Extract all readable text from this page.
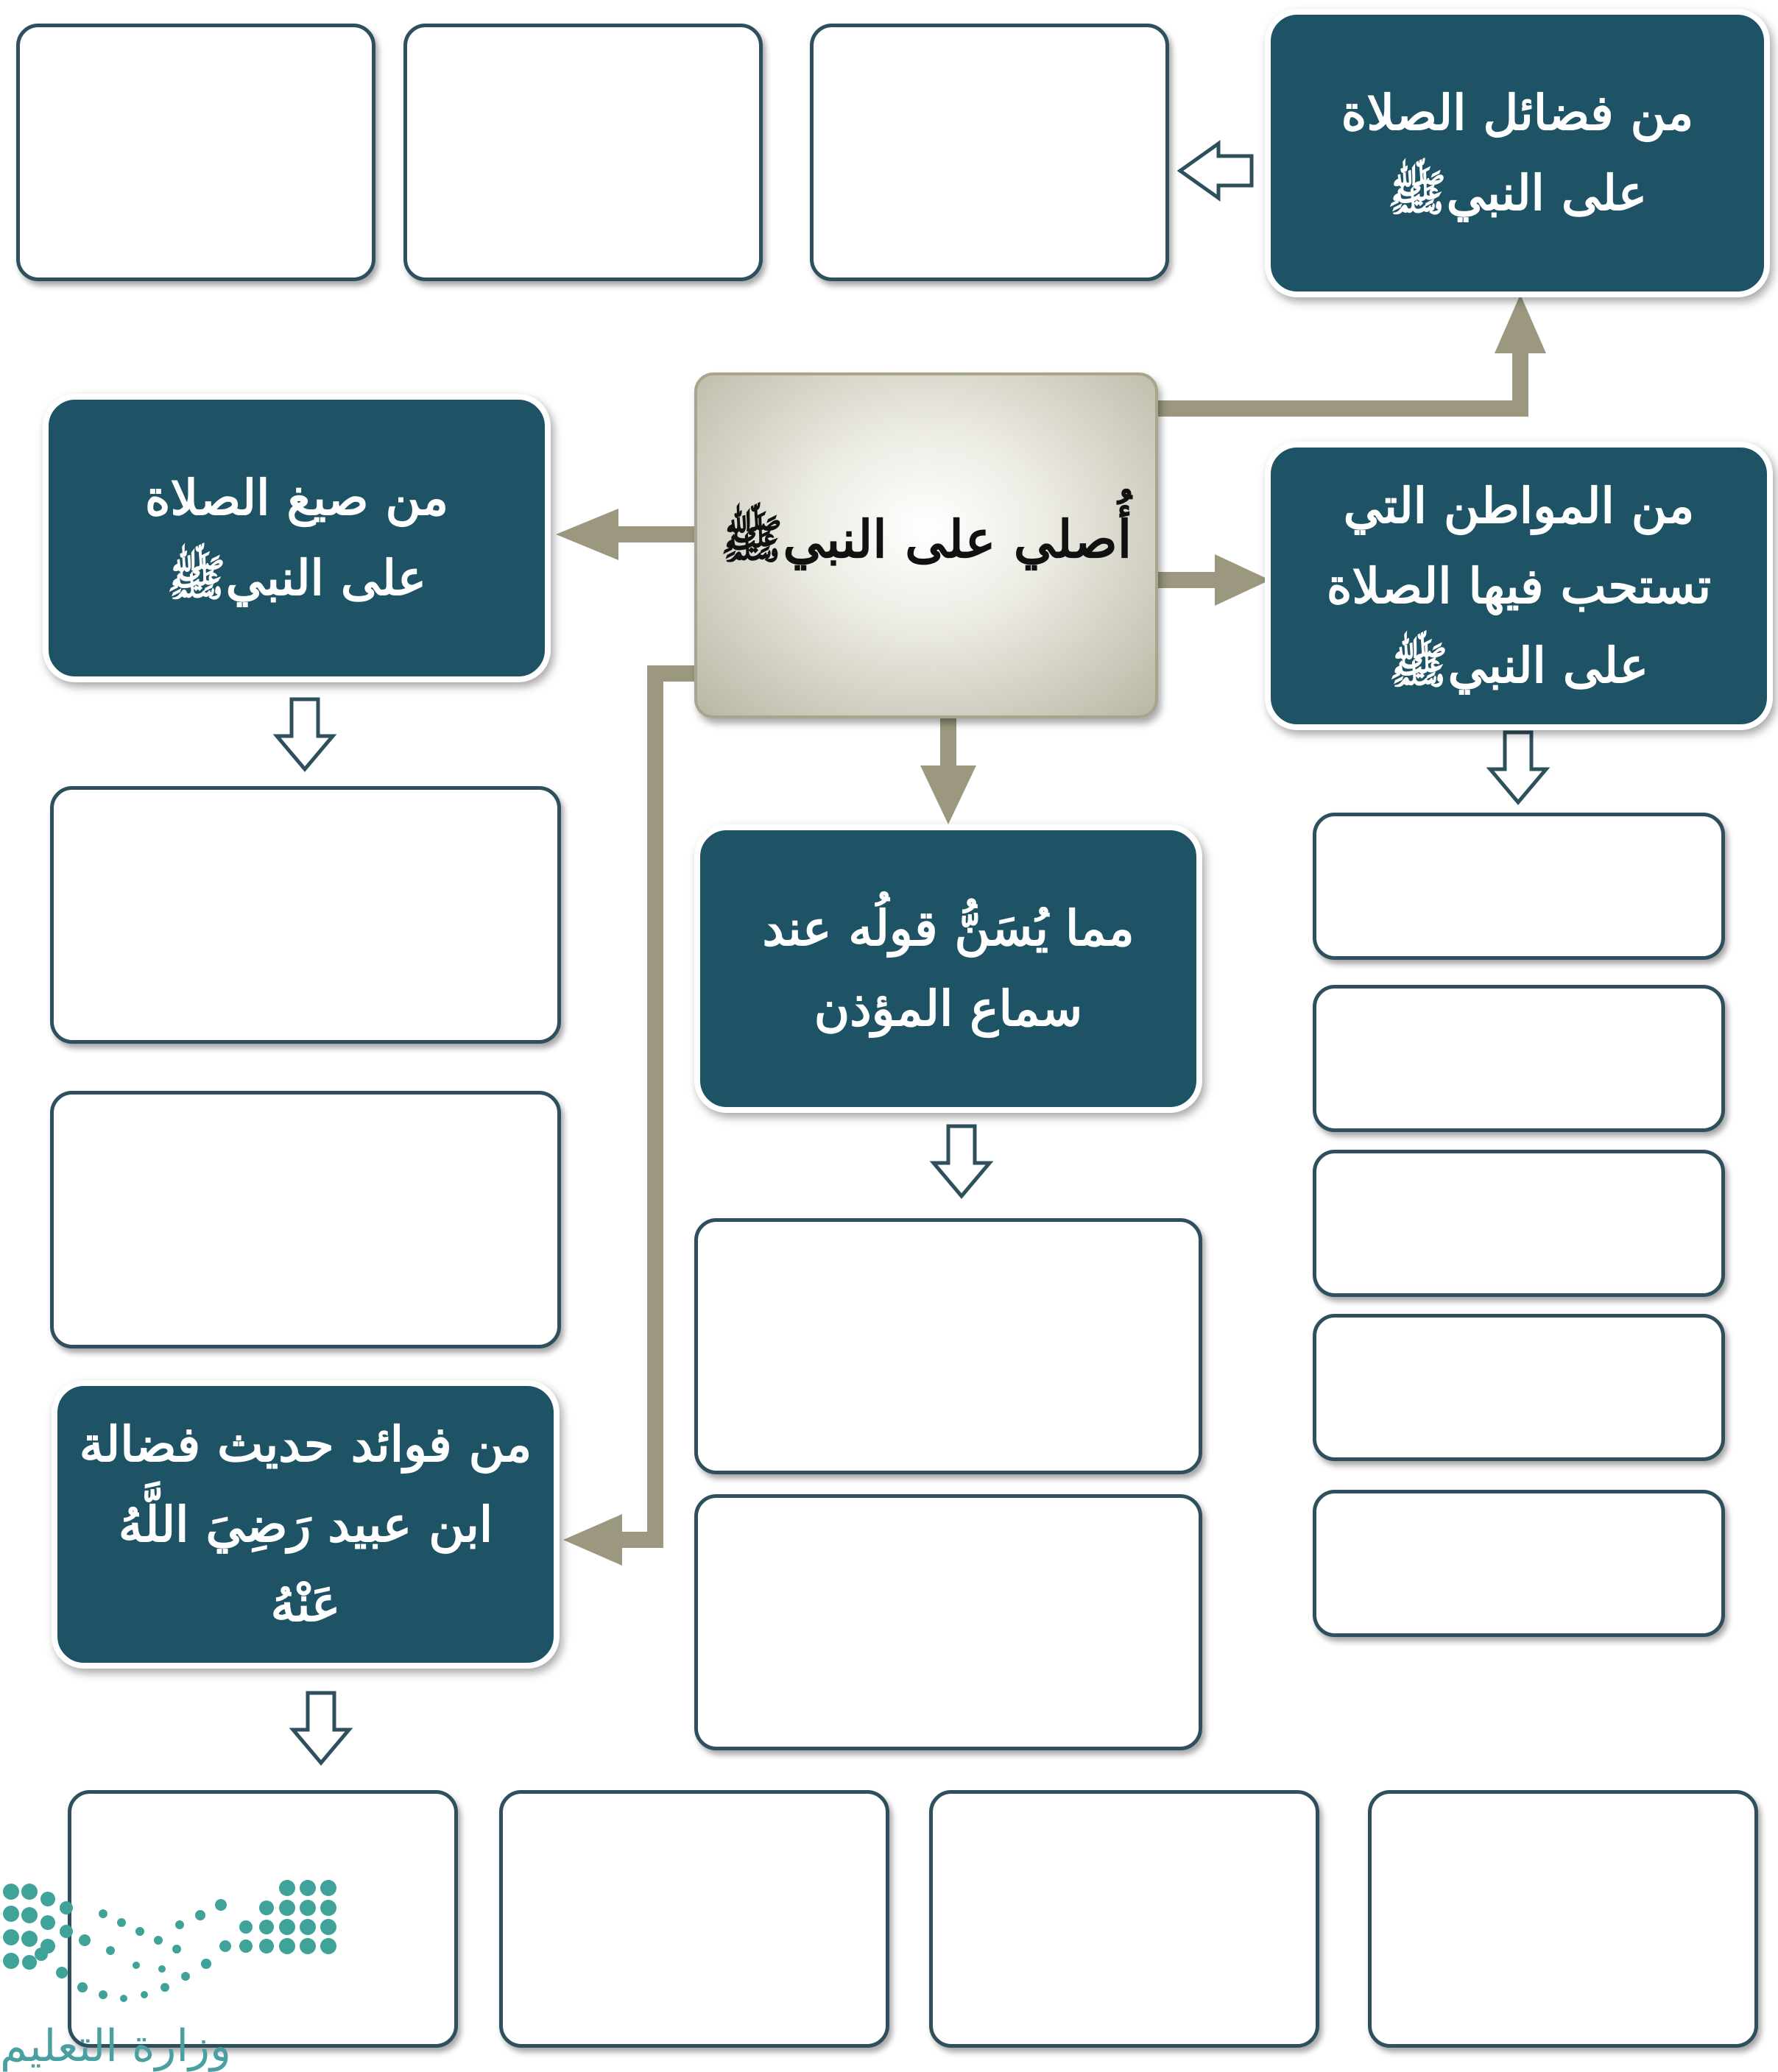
من فضائل الصلاة
على النبيﷺ
من صيغ الصلاة
على النبيﷺ
من المواطن التي
تستحب فيها الصلاة
على النبيﷺ
مما يُسَنُّ قولُه عند
سماع المؤذن
من فوائد حديث فضالة
ابن عبيد رَضِيَ اللَّهُ عَنْهُ
أُصلي على النبيﷺ
وزارة التعليم
